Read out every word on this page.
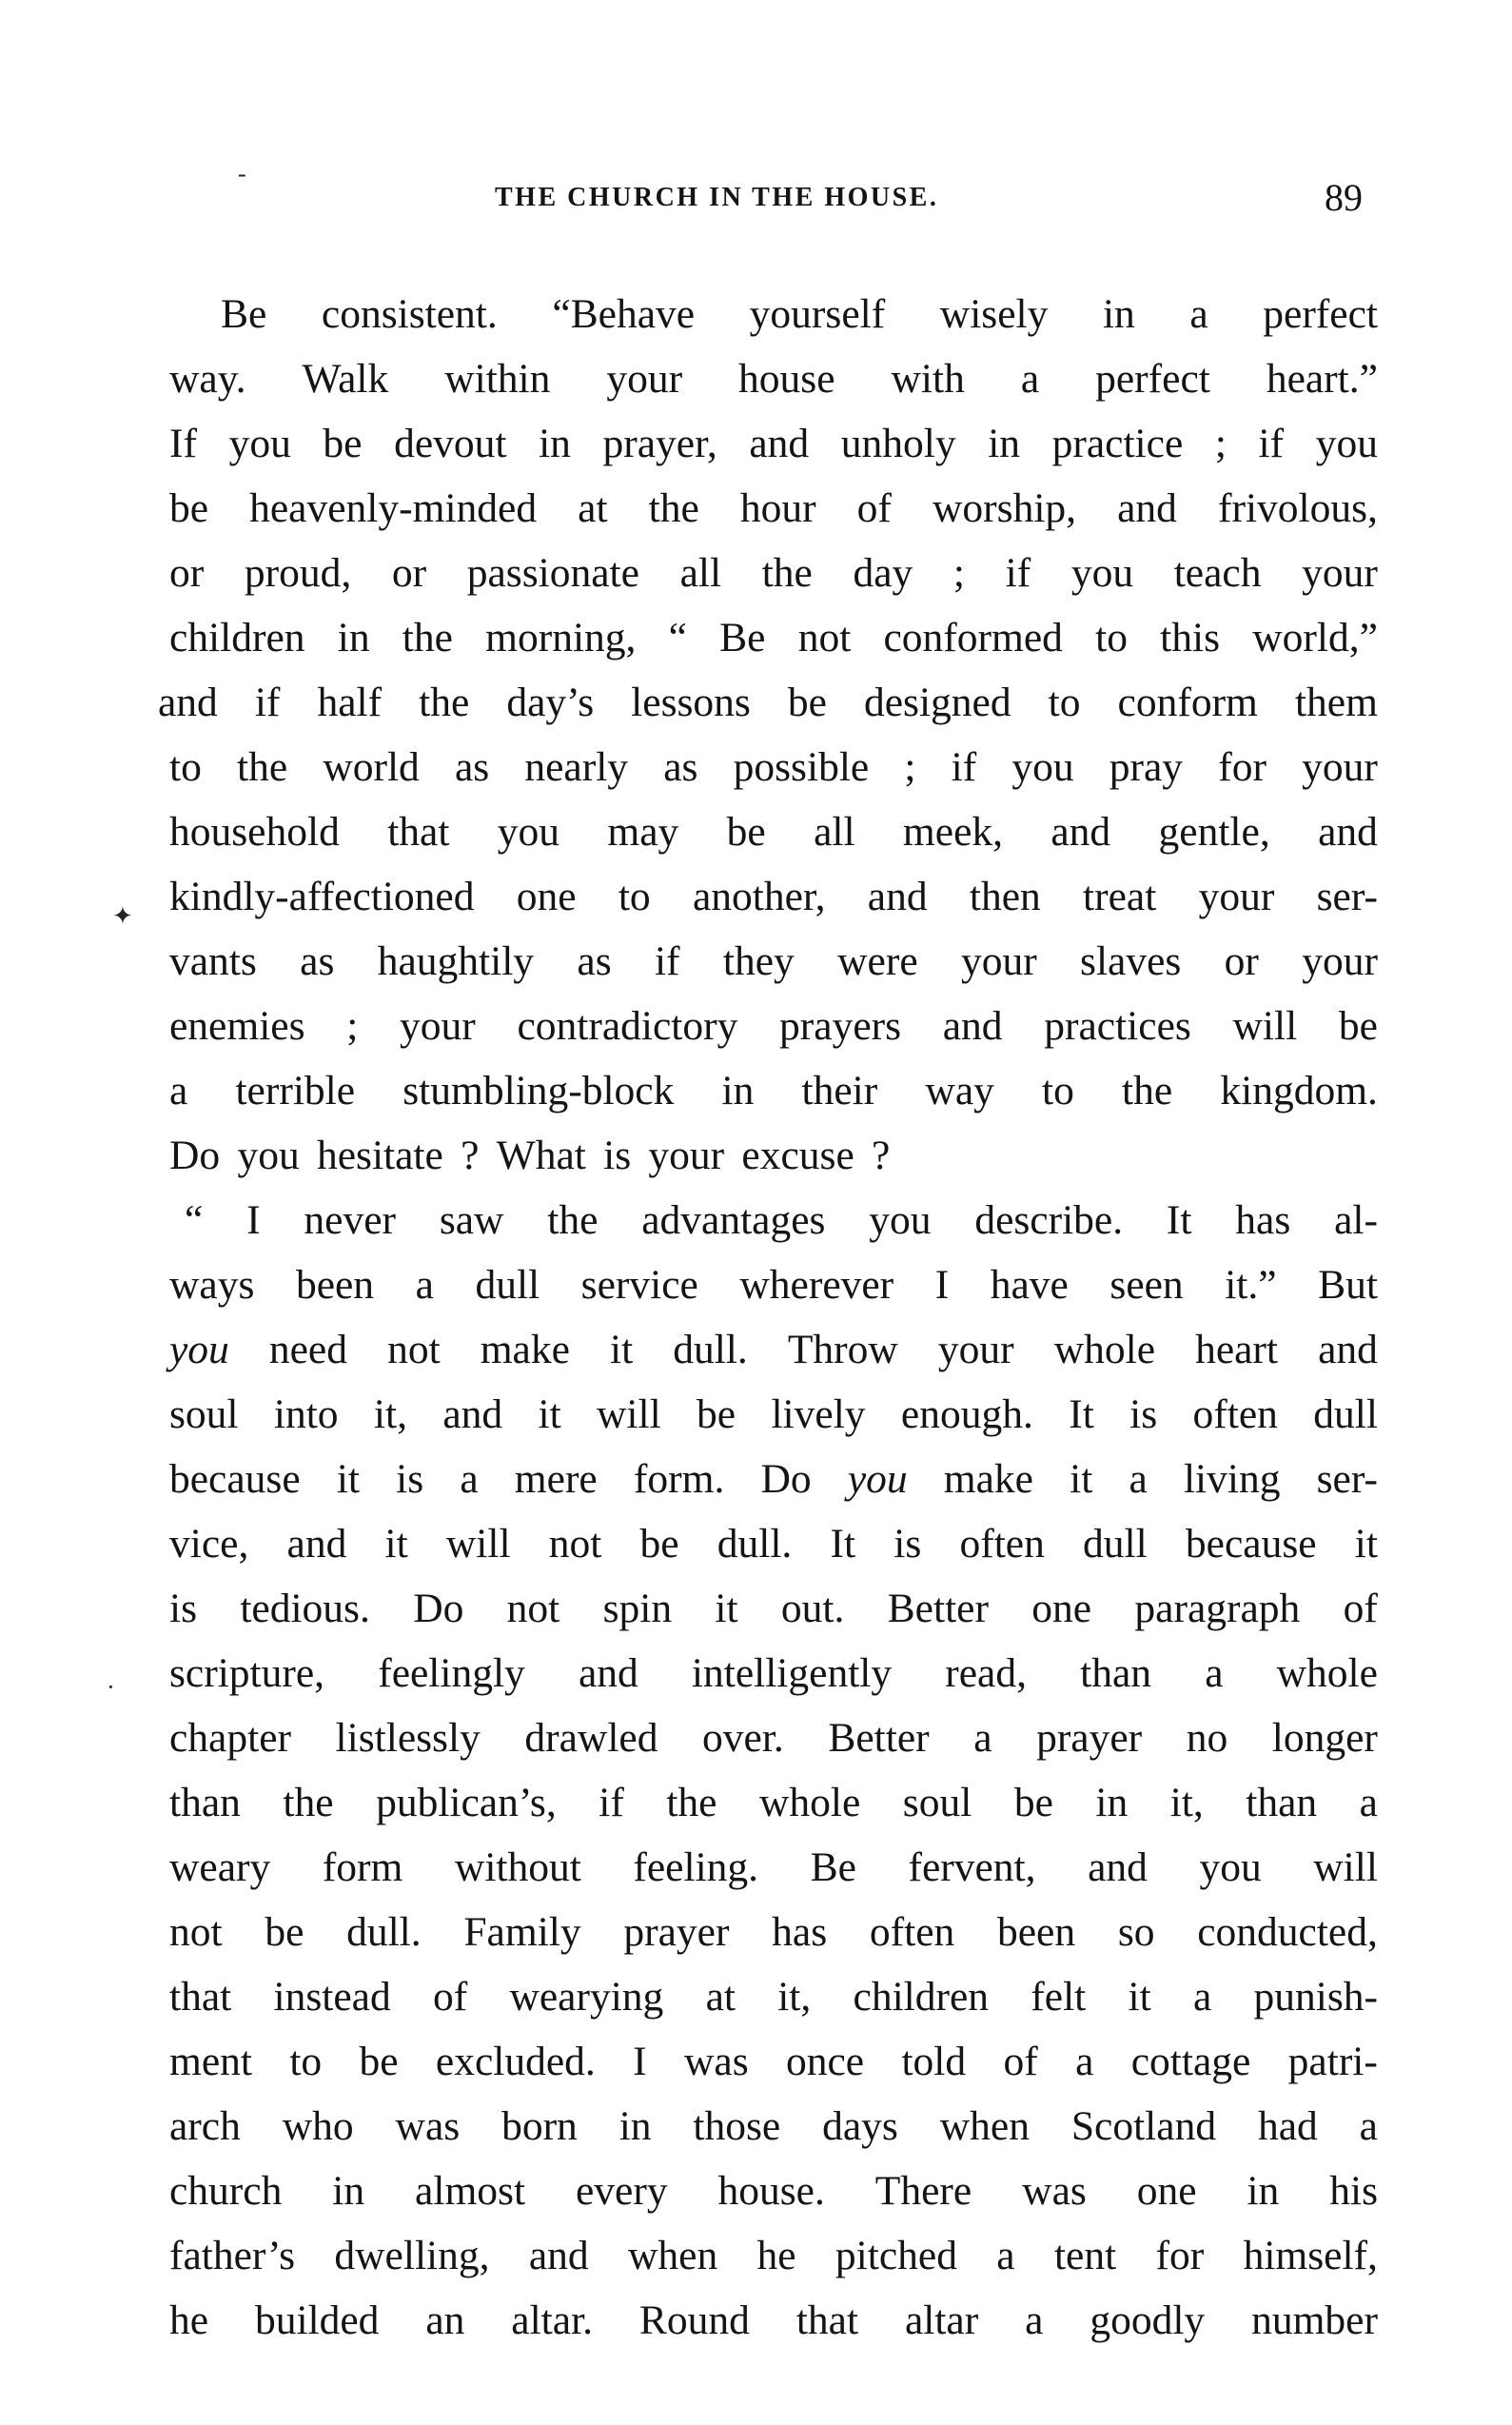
THE CHURCH IN THE HOUSE.	89
Be consistent. “Behave yourself wisely in a perfect
way. Walk within your house with a perfect heart.”
If you be devout in prayer, and unholy in practice ; if you
be heavenly-minded at the hour of worship, and frivolous,
or proud, or passionate all the day ; if you teach your
children in the morning, “ Be not conformed to this world,”
and if half the day’s lessons be designed to conform them
to the world as nearly as possible ; if you pray for your
household that you may be all meek, and gentle, and
kindly-affectioned one to another, and then treat your ser-
vants as haughtily as if they were your slaves or your
enemies ; your contradictory prayers and practices will be
a terrible stumbling-block in their way to the kingdom.
Do you hesitate ? What is your excuse ?
“ I never saw the advantages you describe. It has al-
ways been a dull service wherever I have seen it.” But
you need not make it dull. Throw your whole heart and
soul into it, and it will be lively enough. It is often dull
because it is a mere form. Do you make it a living ser-
vice, and it will not be dull. It is often dull because it
is tedious. Do not spin it out. Better one paragraph of
scripture, feelingly and intelligently read, than a whole
chapter listlessly drawled over. Better a prayer no longer
than the publican’s, if the whole soul be in it, than a
weary form without feeling. Be fervent, and you will
not be dull. Family prayer has often been so conducted,
that instead of wearying at it, children felt it a punish-
ment to be excluded. I was once told of a cottage patri-
arch who was born in those days when Scotland had a
church in almost every house. There was one in his
father’s dwelling, and when he pitched a tent for himself,
he builded an altar. Round that altar a goodly number
-
✦
·
